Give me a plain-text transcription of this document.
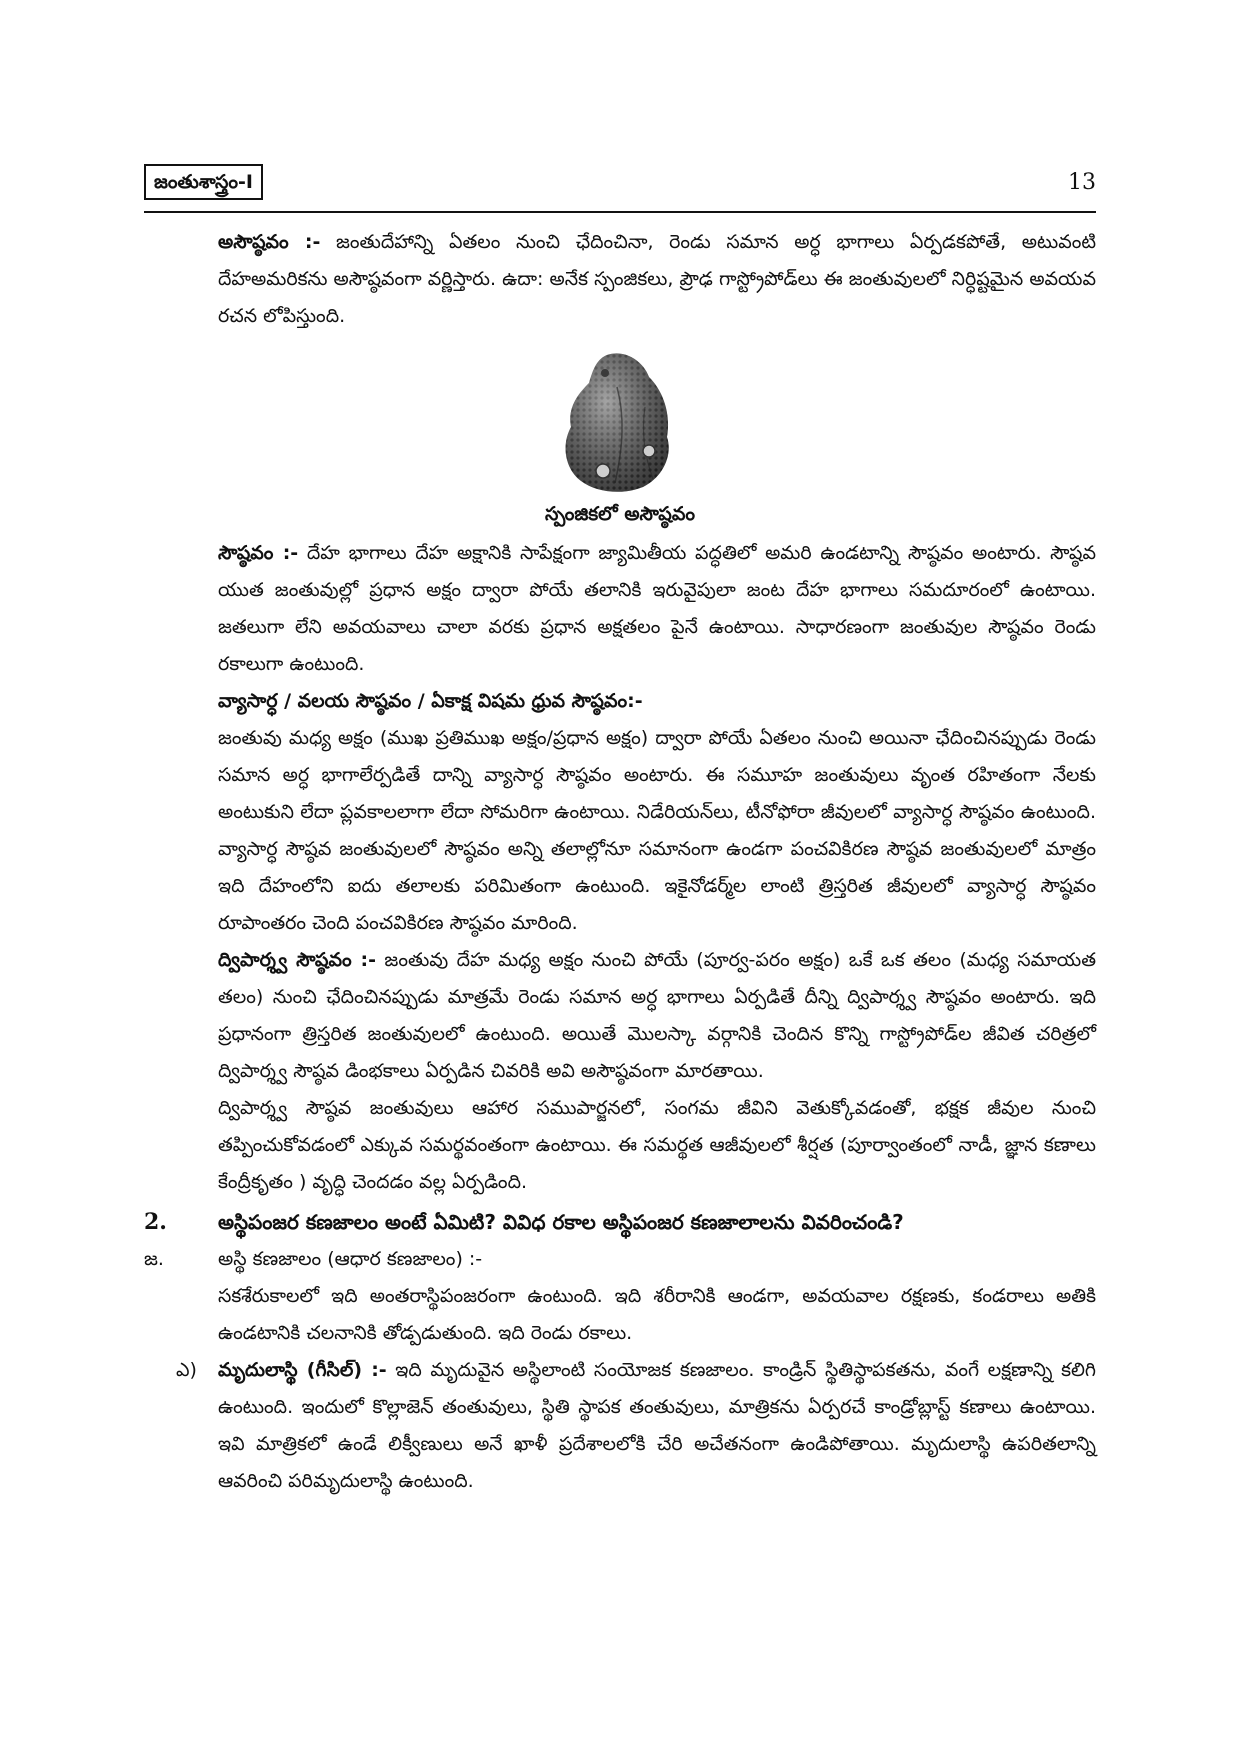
జంతుశాస్త్రం-I	13

అసౌష్ఠవం :- జంతుదేహాన్ని ఏతలం నుంచి ఛేదించినా, రెండు సమాన అర్ధ భాగాలు ఏర్పడకపోతే, అటువంటి దేహఅమరికను అసౌష్ఠవంగా వర్ణిస్తారు. ఉదా: అనేక స్పంజికలు, ప్రౌఢ గాస్ట్రోపోడ్‌లు ఈ జంతువులలో నిర్ధిష్టమైన అవయవ రచన లోపిస్తుంది.

స్పంజికలో అసౌష్ఠవం

సౌష్ఠవం :- దేహ భాగాలు దేహ అక్షానికి సాపేక్షంగా జ్యామితీయ పద్ధతిలో అమరి ఉండటాన్ని సౌష్ఠవం అంటారు. సౌష్ఠవ యుత జంతువుల్లో ప్రధాన అక్షం ద్వారా పోయే తలానికి ఇరువైపులా జంట దేహ భాగాలు సమదూరంలో ఉంటాయి. జతలుగా లేని అవయవాలు చాలా వరకు ప్రధాన అక్షతలం పైనే ఉంటాయి. సాధారణంగా జంతువుల సౌష్ఠవం రెండు రకాలుగా ఉంటుంది.

వ్యాసార్ధ / వలయ సౌష్ఠవం / ఏకాక్ష విషమ ధ్రువ సౌష్ఠవం:-

జంతువు మధ్య అక్షం (ముఖ ప్రతిముఖ అక్షం/ప్రధాన అక్షం) ద్వారా పోయే ఏతలం నుంచి అయినా ఛేదించినప్పుడు రెండు సమాన అర్ధ భాగాలేర్పడితే దాన్ని వ్యాసార్ధ సౌష్ఠవం అంటారు. ఈ సమూహ జంతువులు వృంత రహితంగా నేలకు అంటుకుని లేదా ప్లవకాలలాగా లేదా సోమరిగా ఉంటాయి. నిడేరియన్‌లు, టీనోఫోరా జీవులలో వ్యాసార్ధ సౌష్ఠవం ఉంటుంది. వ్యాసార్ధ సౌష్ఠవ జంతువులలో సౌష్ఠవం అన్ని తలాల్లోనూ సమానంగా ఉండగా పంచవికిరణ సౌష్ఠవ జంతువులలో మాత్రం ఇది దేహంలోని ఐదు తలాలకు పరిమితంగా ఉంటుంది. ఇకైనోడర్మ్‌ల లాంటి త్రిస్తరిత జీవులలో వ్యాసార్ధ సౌష్ఠవం రూపాంతరం చెంది పంచవికిరణ సౌష్ఠవం మారింది.

ద్విపార్శ్వ సౌష్ఠవం :- జంతువు దేహ మధ్య అక్షం నుంచి పోయే (పూర్వ-పరం అక్షం) ఒకే ఒక తలం (మధ్య సమాయత తలం) నుంచి ఛేదించినప్పుడు మాత్రమే రెండు సమాన అర్ధ భాగాలు ఏర్పడితే దీన్ని ద్విపార్శ్వ సౌష్ఠవం అంటారు. ఇది ప్రధానంగా త్రిస్తరిత జంతువులలో ఉంటుంది. అయితే మొలస్కా వర్గానికి చెందిన కొన్ని గాస్ట్రోపోడ్‌ల జీవిత చరిత్రలో ద్విపార్శ్వ సౌష్ఠవ డింభకాలు ఏర్పడిన చివరికి అవి అసౌష్ఠవంగా మారతాయి.

ద్విపార్శ్వ సౌష్ఠవ జంతువులు ఆహార సముపార్జనలో, సంగమ జీవిని వెతుక్కోవడంతో, భక్షక జీవుల నుంచి తప్పించుకోవడంలో ఎక్కువ సమర్థవంతంగా ఉంటాయి. ఈ సమర్థత ఆజీవులలో శీర్షత (పూర్వాంతంలో నాడీ, జ్ఞాన కణాలు కేంద్రీకృతం ) వృద్ధి చెందడం వల్ల ఏర్పడింది.

2.	అస్థిపంజర కణజాలం అంటే ఏమిటి? వివిధ రకాల అస్థిపంజర కణజాలాలను వివరించండి?
జ.	అస్థి కణజాలం (ఆధార కణజాలం) :-

సకశేరుకాలలో ఇది అంతరాస్థిపంజరంగా ఉంటుంది. ఇది శరీరానికి ఆండగా, అవయవాల రక్షణకు, కండరాలు అతికి ఉండటానికి చలనానికి తోడ్పడుతుంది. ఇది రెండు రకాలు.

ఎ)	మృదులాస్థి (గీసిల్) :- ఇది మృదువైన అస్థిలాంటి సంయోజక కణజాలం. కాండ్రిన్ స్థితిస్థాపకతను, వంగే లక్షణాన్ని కలిగి ఉంటుంది. ఇందులో కొల్లాజెన్ తంతువులు, స్థితి స్థాపక తంతువులు, మాత్రికను ఏర్పరచే కాండ్రోబ్లాస్ట్ కణాలు ఉంటాయి. ఇవి మాత్రికలో ఉండే లిక్వీణులు అనే ఖాళీ ప్రదేశాలలోకి చేరి అచేతనంగా ఉండిపోతాయి. మృదులాస్థి ఉపరితలాన్ని ఆవరించి పరిమృదులాస్థి ఉంటుంది.
